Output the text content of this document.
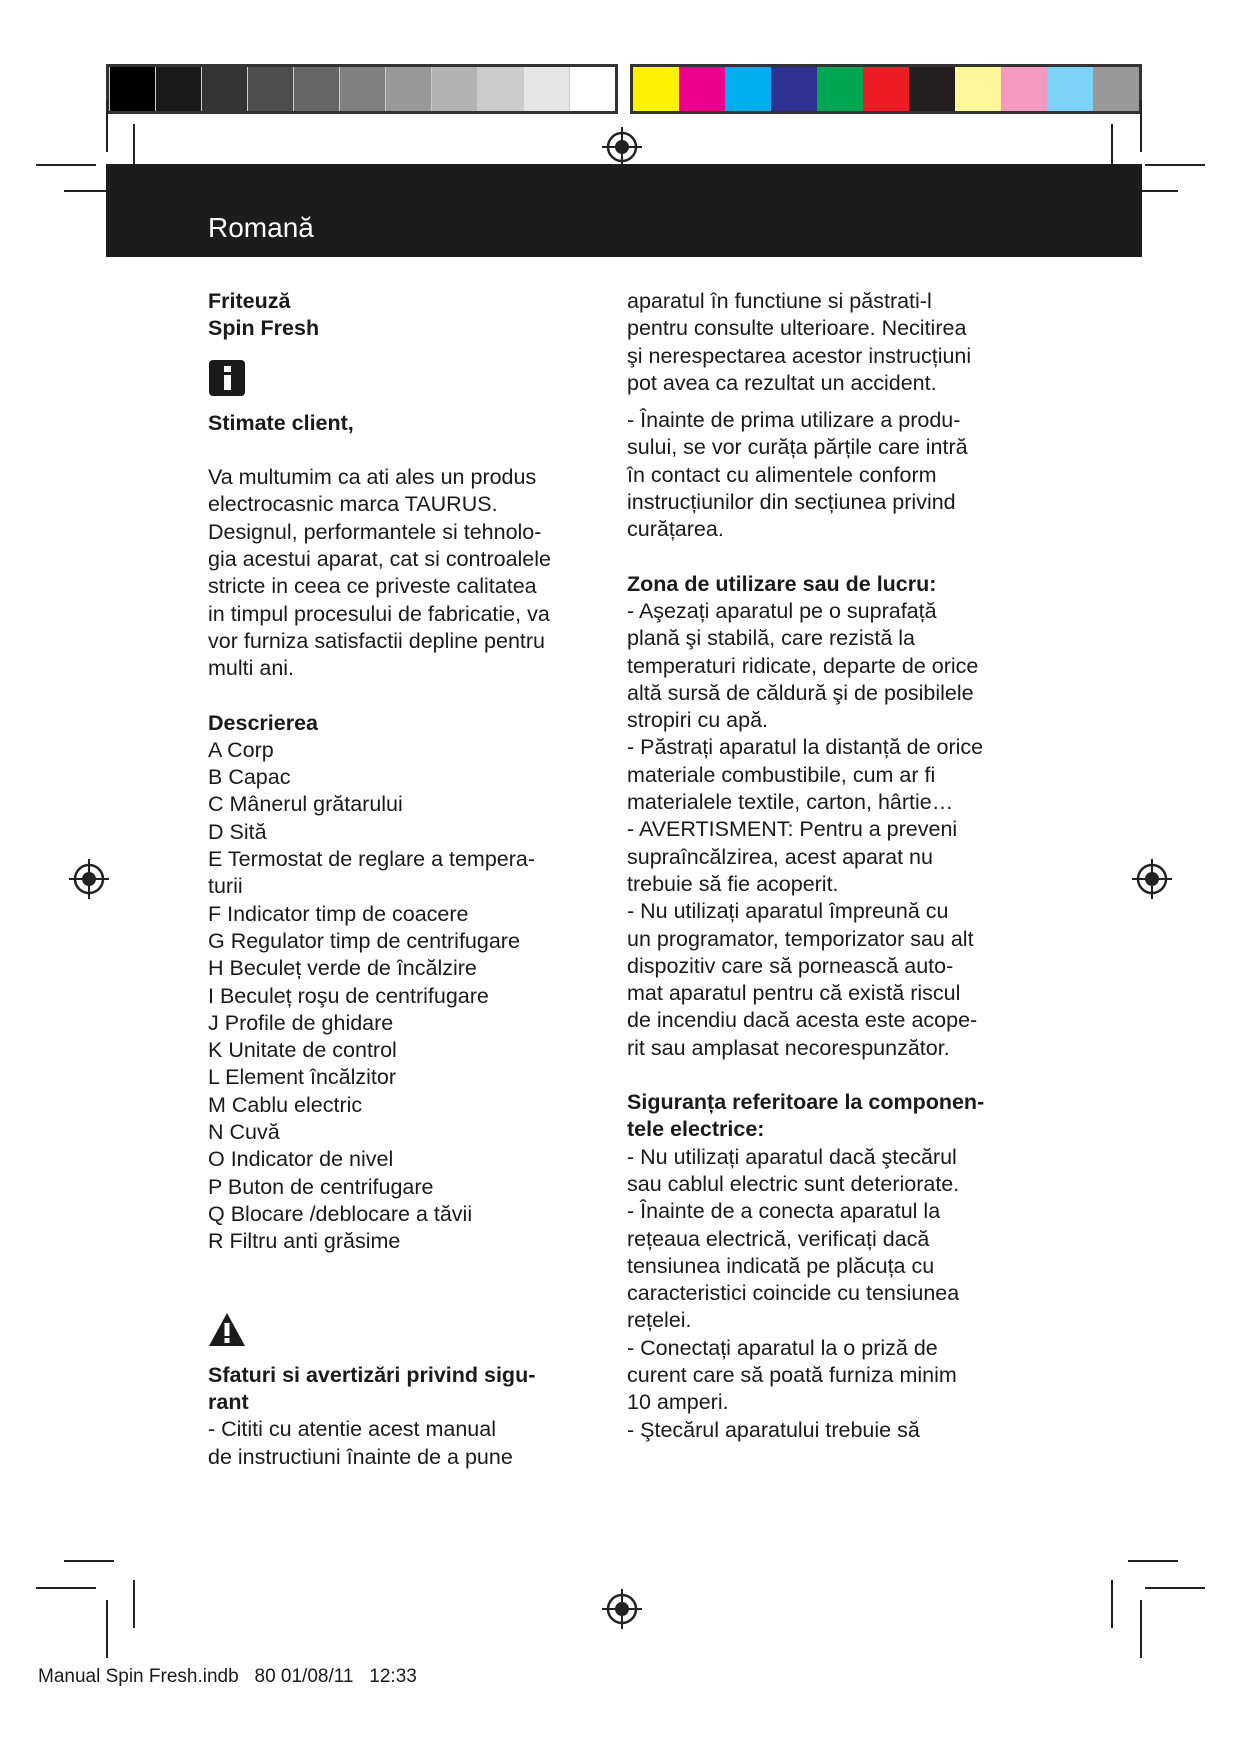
Romană

Friteuză

Spin Fresh

Stimate client,

Va multumim ca ati ales un produs

electrocasnic marca TAURUS.

Designul, performantele si tehnolo-

gia acestui aparat, cat si controalele

stricte in ceea ce priveste calitatea

in timpul procesului de fabricatie, va

vor furniza satisfactii depline pentru

multi ani.

Descrierea

A Corp

B Capac

C Mânerul grătarului

D Sită

E Termostat de reglare a tempera-

turii

F Indicator timp de coacere

G Regulator timp de centrifugare

H Beculeț verde de încălzire

I Beculeț roşu de centrifugare

J Profile de ghidare

K Unitate de control

L Element încălzitor

M Cablu electric

N Cuvă

O Indicator de nivel

P Buton de centrifugare

Q Blocare /deblocare a tăvii

R Filtru anti grăsime

Sfaturi si avertizări privind sigu-

rant

- Cititi cu atentie acest manual

de instructiuni înainte de a pune

aparatul în functiune si păstrati-l

pentru consulte ulterioare. Necitirea

şi nerespectarea acestor instrucțiuni

pot avea ca rezultat un accident.

- Înainte de prima utilizare a produ-

sului, se vor curăța părțile care intră

în contact cu alimentele conform

instrucțiunilor din secțiunea privind

curățarea.

Zona de utilizare sau de lucru:

- Aşezați aparatul pe o suprafață

plană şi stabilă, care rezistă la

temperaturi ridicate, departe de orice

altă sursă de căldură şi de posibilele

stropiri cu apă.

- Păstrați aparatul la distanță de orice

materiale combustibile, cum ar fi

materialele textile, carton, hârtie…

- AVERTISMENT: Pentru a preveni

supraîncălzirea, acest aparat nu

trebuie să fie acoperit.

- Nu utilizați aparatul împreună cu

un programator, temporizator sau alt

dispozitiv care să pornească auto-

mat aparatul pentru că există riscul

de incendiu dacă acesta este acope-

rit sau amplasat necorespunzător.

Siguranța referitoare la componen-

tele electrice:

- Nu utilizați aparatul dacă ştecărul

sau cablul electric sunt deteriorate.

- Înainte de a conecta aparatul la

rețeaua electrică, verificați dacă

tensiunea indicată pe plăcuța cu

caracteristici coincide cu tensiunea

rețelei.

- Conectați aparatul la o priză de

curent care să poată furniza minim

10 amperi.

- Ştecărul aparatului trebuie să

Manual Spin Fresh.indb   80 01/08/11   12:33
